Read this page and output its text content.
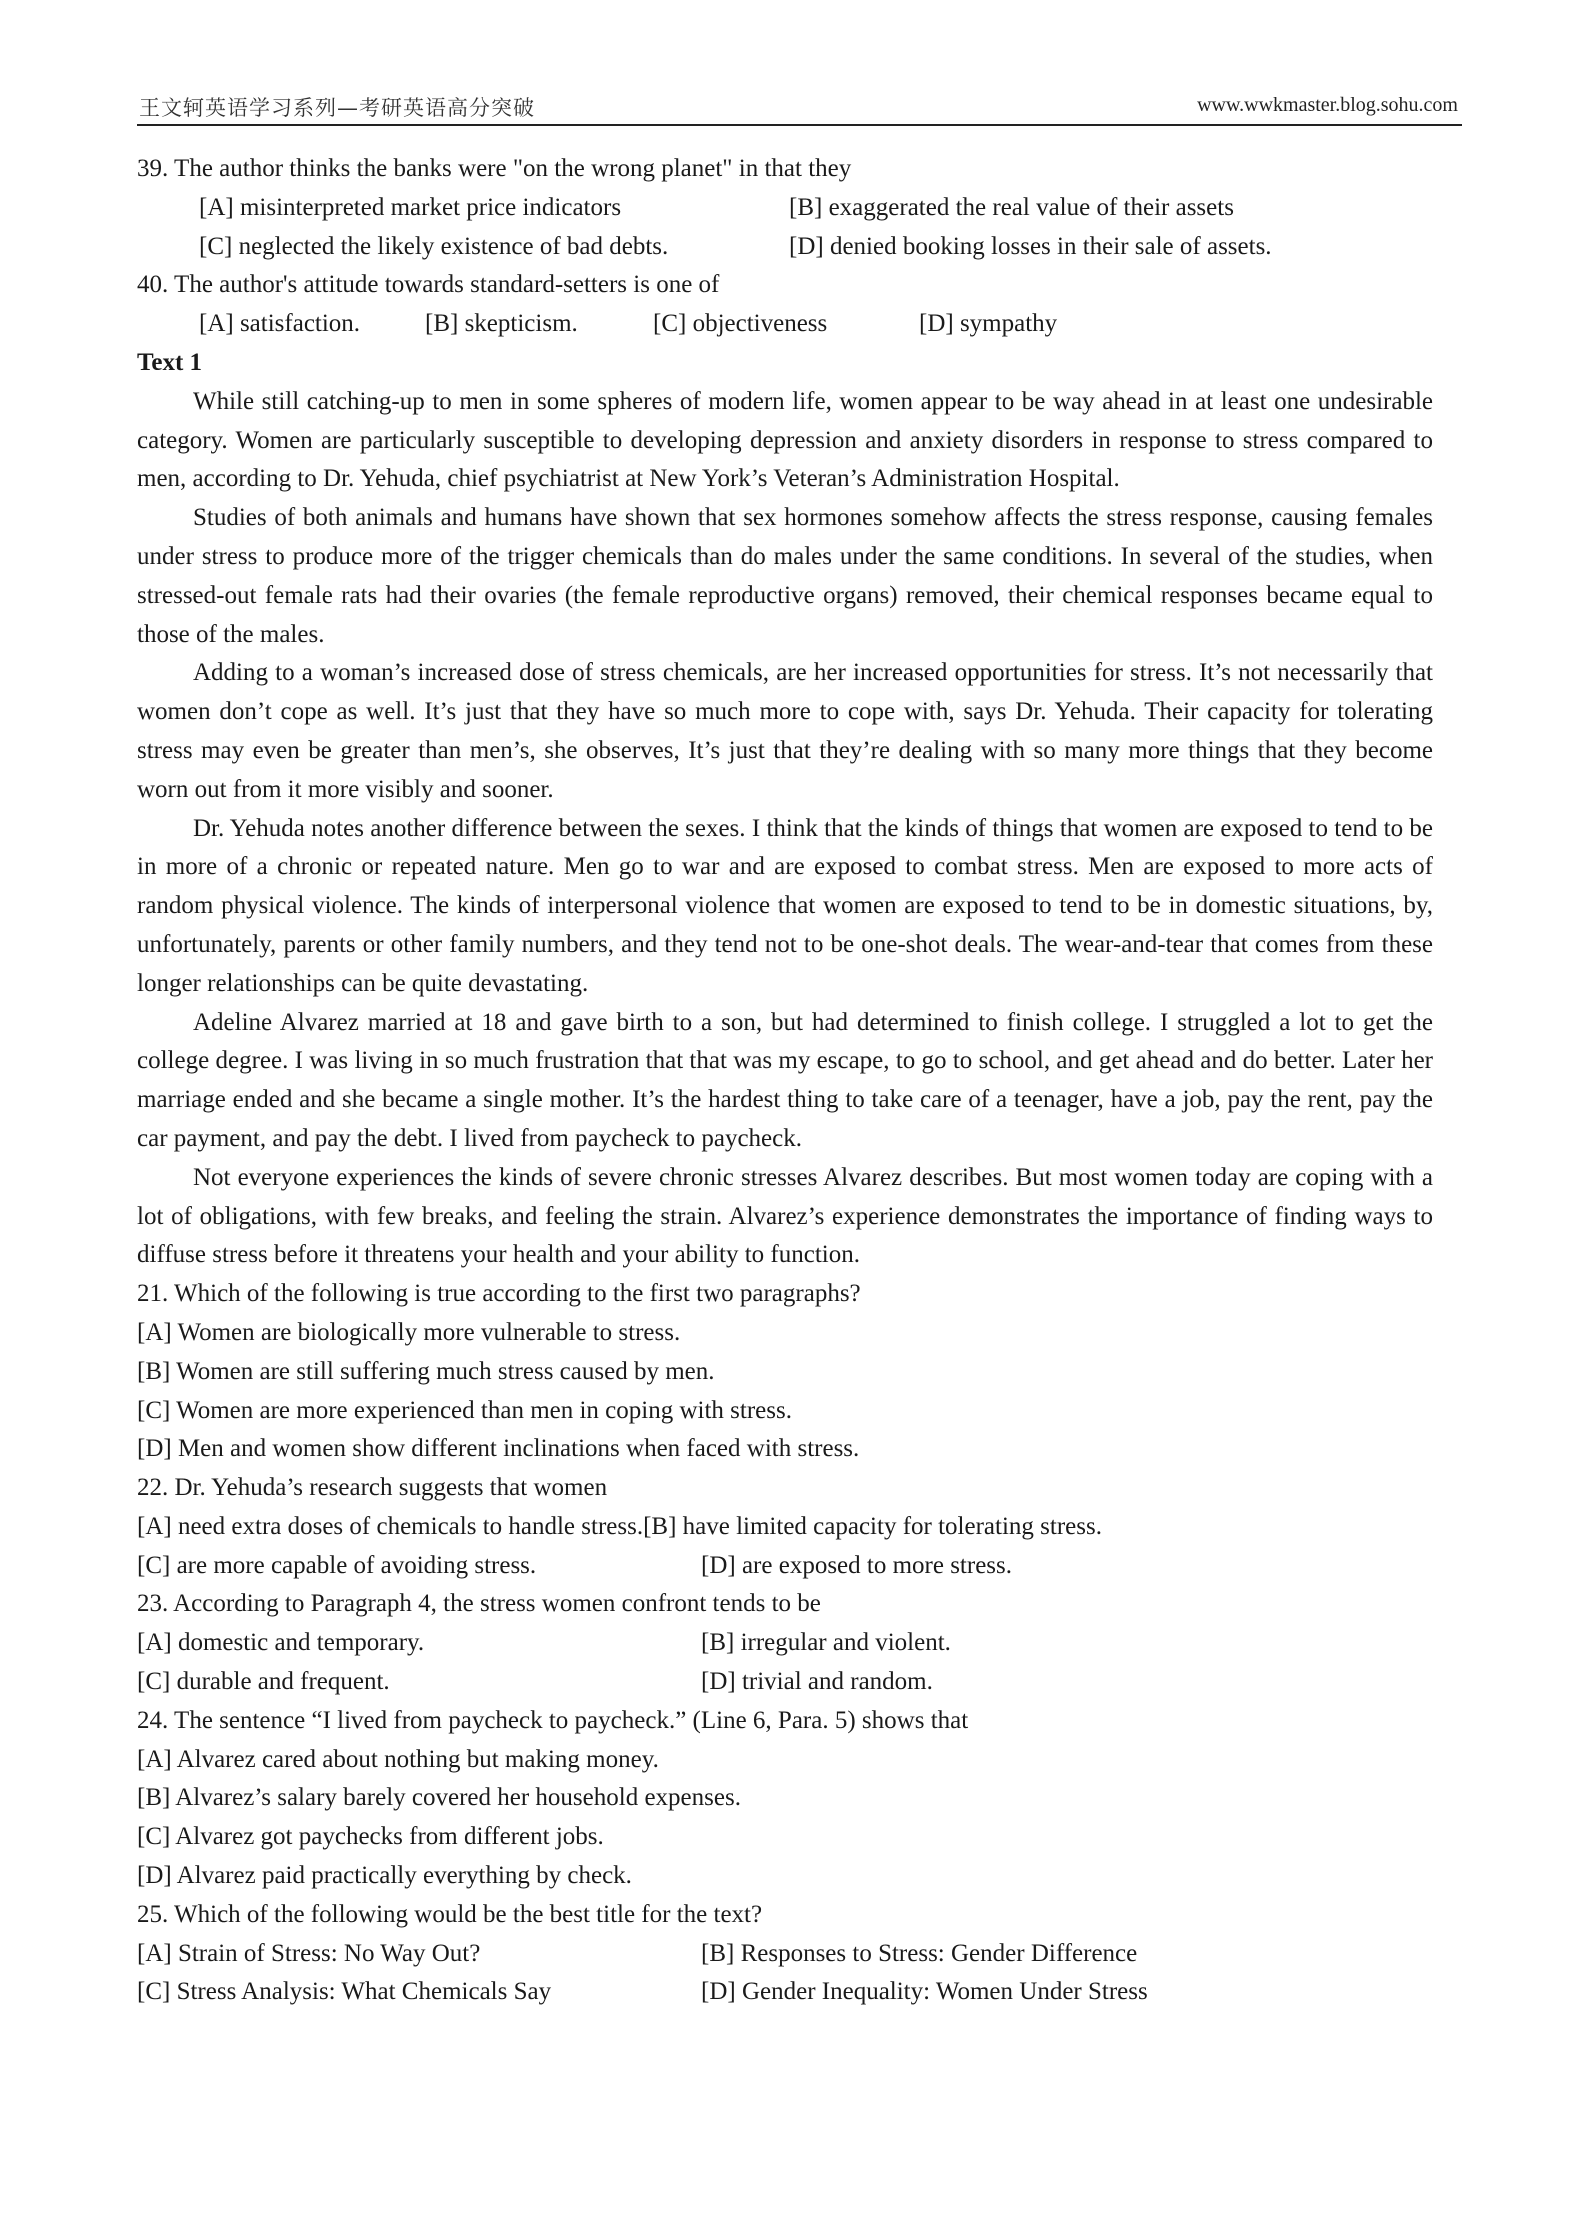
王文轲英语学习系列—考研英语高分突破	www.wwkmaster.blog.sohu.com
39. The author thinks the banks were "on the wrong planet" in that they
[A] misinterpreted market price indicators	[B] exaggerated the real value of their assets
[C] neglected the likely existence of bad debts.	[D] denied booking losses in their sale of assets.
40. The author's attitude towards standard-setters is one of
[A] satisfaction.	[B] skepticism.	[C] objectiveness	[D] sympathy
Text 1

While still catching-up to men in some spheres of modern life, women appear to be way ahead in at least one undesirable category. Women are particularly susceptible to developing depression and anxiety disorders in response to stress compared to men, according to Dr. Yehuda, chief psychiatrist at New York’s Veteran’s Administration Hospital.

Studies of both animals and humans have shown that sex hormones somehow affects the stress response, causing females under stress to produce more of the trigger chemicals than do males under the same conditions. In several of the studies, when stressed-out female rats had their ovaries (the female reproductive organs) removed, their chemical responses became equal to those of the males.

Adding to a woman’s increased dose of stress chemicals, are her increased opportunities for stress. It’s not necessarily that women don’t cope as well. It’s just that they have so much more to cope with, says Dr. Yehuda. Their capacity for tolerating stress may even be greater than men’s, she observes, It’s just that they’re dealing with so many more things that they become worn out from it more visibly and sooner.

Dr. Yehuda notes another difference between the sexes. I think that the kinds of things that women are exposed to tend to be in more of a chronic or repeated nature. Men go to war and are exposed to combat stress. Men are exposed to more acts of random physical violence. The kinds of interpersonal violence that women are exposed to tend to be in domestic situations, by, unfortunately, parents or other family numbers, and they tend not to be one-shot deals. The wear-and-tear that comes from these longer relationships can be quite devastating.

Adeline Alvarez married at 18 and gave birth to a son, but had determined to finish college. I struggled a lot to get the college degree. I was living in so much frustration that that was my escape, to go to school, and get ahead and do better. Later her marriage ended and she became a single mother. It’s the hardest thing to take care of a teenager, have a job, pay the rent, pay the car payment, and pay the debt. I lived from paycheck to paycheck.

Not everyone experiences the kinds of severe chronic stresses Alvarez describes. But most women today are coping with a lot of obligations, with few breaks, and feeling the strain. Alvarez’s experience demonstrates the importance of finding ways to diffuse stress before it threatens your health and your ability to function.

21. Which of the following is true according to the first two paragraphs?
[A] Women are biologically more vulnerable to stress.
[B] Women are still suffering much stress caused by men.
[C] Women are more experienced than men in coping with stress.
[D] Men and women show different inclinations when faced with stress.
22. Dr. Yehuda’s research suggests that women
[A] need extra doses of chemicals to handle stress.[B] have limited capacity for tolerating stress.
[C] are more capable of avoiding stress.	[D] are exposed to more stress.
23. According to Paragraph 4, the stress women confront tends to be
[A] domestic and temporary.	[B] irregular and violent.
[C] durable and frequent.	[D] trivial and random.
24. The sentence “I lived from paycheck to paycheck.” (Line 6, Para. 5) shows that
[A] Alvarez cared about nothing but making money.
[B] Alvarez’s salary barely covered her household expenses.
[C] Alvarez got paychecks from different jobs.
[D] Alvarez paid practically everything by check.
25. Which of the following would be the best title for the text?
[A] Strain of Stress: No Way Out?	[B] Responses to Stress: Gender Difference
[C] Stress Analysis: What Chemicals Say	[D] Gender Inequality: Women Under Stress
